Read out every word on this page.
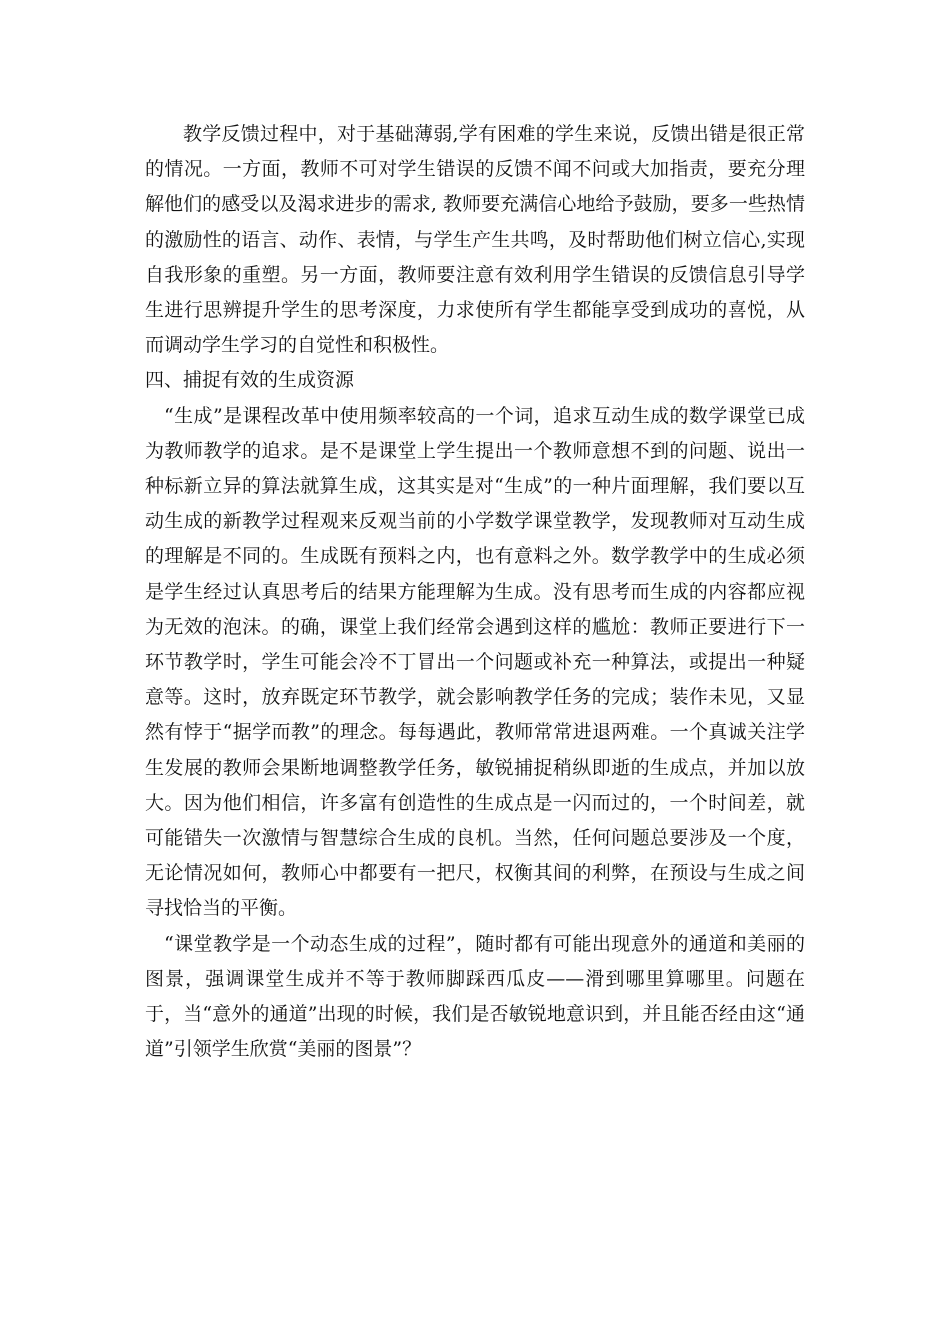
教学反馈过程中，对于基础薄弱,学有困难的学生来说，反馈出错是很正常的情况。一方面，教师不可对学生错误的反馈不闻不问或大加指责，要充分理解他们的感受以及渴求进步的需求, 教师要充满信心地给予鼓励，要多一些热情的激励性的语言、动作、表情，与学生产生共鸣，及时帮助他们树立信心,实现自我形象的重塑。另一方面，教师要注意有效利用学生错误的反馈信息引导学生进行思辨提升学生的思考深度，力求使所有学生都能享受到成功的喜悦，从而调动学生学习的自觉性和积极性。

四、捕捉有效的生成资源

“生成”是课程改革中使用频率较高的一个词，追求互动生成的数学课堂已成为教师教学的追求。是不是课堂上学生提出一个教师意想不到的问题、说出一种标新立异的算法就算生成，这其实是对“生成”的一种片面理解，我们要以互动生成的新教学过程观来反观当前的小学数学课堂教学，发现教师对互动生成的理解是不同的。生成既有预料之内，也有意料之外。数学教学中的生成必须是学生经过认真思考后的结果方能理解为生成。没有思考而生成的内容都应视为无效的泡沫。的确，课堂上我们经常会遇到这样的尴尬：教师正要进行下一环节教学时，学生可能会冷不丁冒出一个问题或补充一种算法，或提出一种疑意等。这时，放弃既定环节教学，就会影响教学任务的完成；装作未见，又显然有悖于“据学而教”的理念。每每遇此，教师常常进退两难。一个真诚关注学生发展的教师会果断地调整教学任务，敏锐捕捉稍纵即逝的生成点，并加以放大。因为他们相信，许多富有创造性的生成点是一闪而过的，一个时间差，就可能错失一次激情与智慧综合生成的良机。当然，任何问题总要涉及一个度，无论情况如何，教师心中都要有一把尺，权衡其间的利弊，在预设与生成之间寻找恰当的平衡。

“课堂教学是一个动态生成的过程”，随时都有可能出现意外的通道和美丽的图景，强调课堂生成并不等于教师脚踩西瓜皮——滑到哪里算哪里。问题在于，当“意外的通道”出现的时候，我们是否敏锐地意识到，并且能否经由这“通道”引领学生欣赏“美丽的图景”？
